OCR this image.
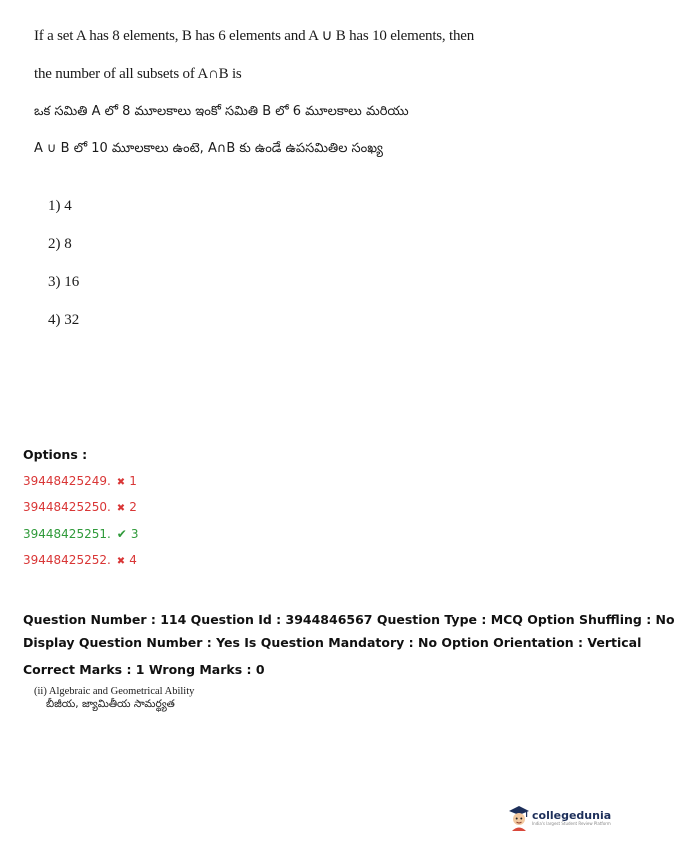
If a set A has 8 elements, B has 6 elements and A ∪ B has 10 elements, then
the number of all subsets of A∩B is
ఒక సమితి A లో 8 మూలకాలు ఇంకో సమితి B లో 6 మూలకాలు మరియు
A ∪ B లో 10 మూలకాలు ఉంటె, A∩B కు ఉండే ఉపసమితిల సంఖ్య
1) 4
2) 8
3) 16
4) 32
Options :
39448425249. ✖ 1
39448425250. ✖ 2
39448425251. ✔ 3
39448425252. ✖ 4
Question Number : 114 Question Id : 3944846567 Question Type : MCQ Option Shuffling : No
Display Question Number : Yes Is Question Mandatory : No Option Orientation : Vertical
Correct Marks : 1 Wrong Marks : 0
(ii) Algebraic and Geometrical Ability
బీజీయ, జ్యామితీయ సామర్థ్యత
collegedunia
India's largest Student Review Platform
